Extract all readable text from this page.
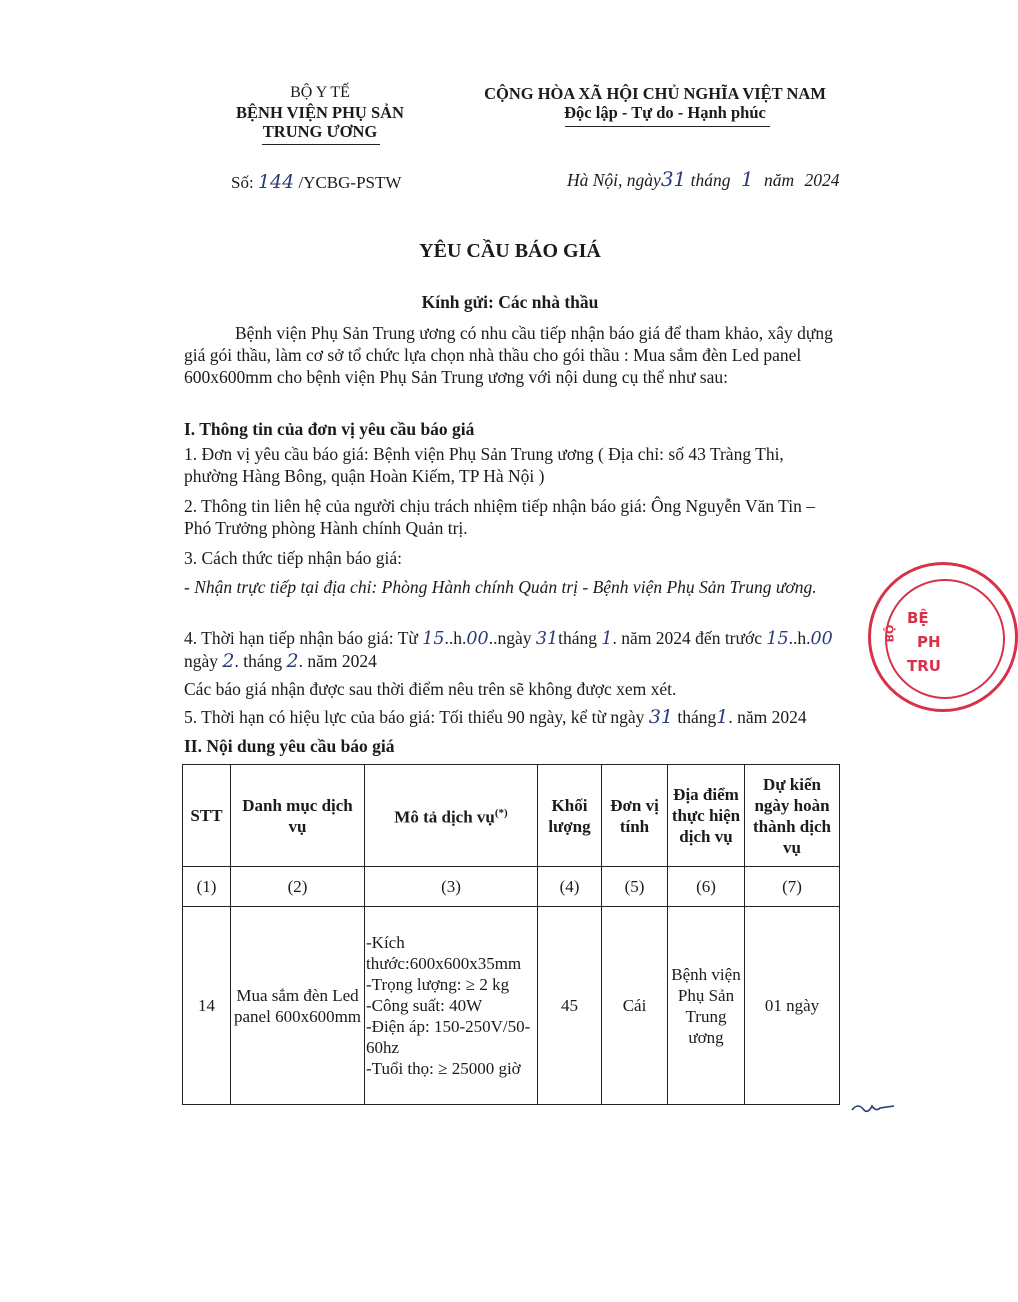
BỘ Y TẾ
BỆNH VIỆN PHỤ SẢN
TRUNG ƯƠNG
CỘNG HÒA XÃ HỘI CHỦ NGHĨA VIỆT NAM
Độc lập - Tự do - Hạnh phúc
Số: 144 /YCBG-PSTW	Hà Nội, ngày31 tháng 1 năm 2024
YÊU CẦU BÁO GIÁ
Kính gửi: Các nhà thầu
Bệnh viện Phụ Sản Trung ương có nhu cầu tiếp nhận báo giá để tham khảo, xây dựng giá gói thầu, làm cơ sở tổ chức lựa chọn nhà thầu cho gói thầu : Mua sắm đèn Led panel 600x600mm cho bệnh viện Phụ Sản Trung ương với nội dung cụ thể như sau:
I. Thông tin của đơn vị yêu cầu báo giá
1. Đơn vị yêu cầu báo giá: Bệnh viện Phụ Sản Trung ương ( Địa chỉ: số 43 Tràng Thi, phường Hàng Bông, quận Hoàn Kiếm, TP Hà Nội )
2. Thông tin liên hệ của người chịu trách nhiệm tiếp nhận báo giá: Ông Nguyễn Văn Tin – Phó Trưởng phòng Hành chính Quản trị.
3. Cách thức tiếp nhận báo giá:
- Nhận trực tiếp tại địa chỉ: Phòng Hành chính Quản trị - Bệnh viện Phụ Sản Trung ương.
4. Thời hạn tiếp nhận báo giá: Từ 15..h.00..ngày 31tháng 1. năm 2024 đến trước 15..h.00
ngày 2. tháng 2. năm 2024
Các báo giá nhận được sau thời điểm nêu trên sẽ không được xem xét.
5. Thời hạn có hiệu lực của báo giá: Tối thiểu 90 ngày, kể từ ngày 31 tháng1. năm 2024
II. Nội dung yêu cầu báo giá
STT	Danh mục dịch vụ	Mô tả dịch vụ(*)	Khối lượng	Đơn vị tính	Địa điểm thực hiện dịch vụ	Dự kiến ngày hoàn thành dịch vụ
(1)	(2)	(3)	(4)	(5)	(6)	(7)
14	Mua sắm đèn Led panel 600x600mm	-Kích thước:600x600x35mm
-Trọng lượng: ≥ 2 kg
-Công suất: 40W
-Điện áp: 150-250V/50-60hz
-Tuổi thọ: ≥ 25000 giờ	45	Cái	Bệnh viện Phụ Sản Trung ương	01 ngày
BỆ
PH
TRU
BỘ
